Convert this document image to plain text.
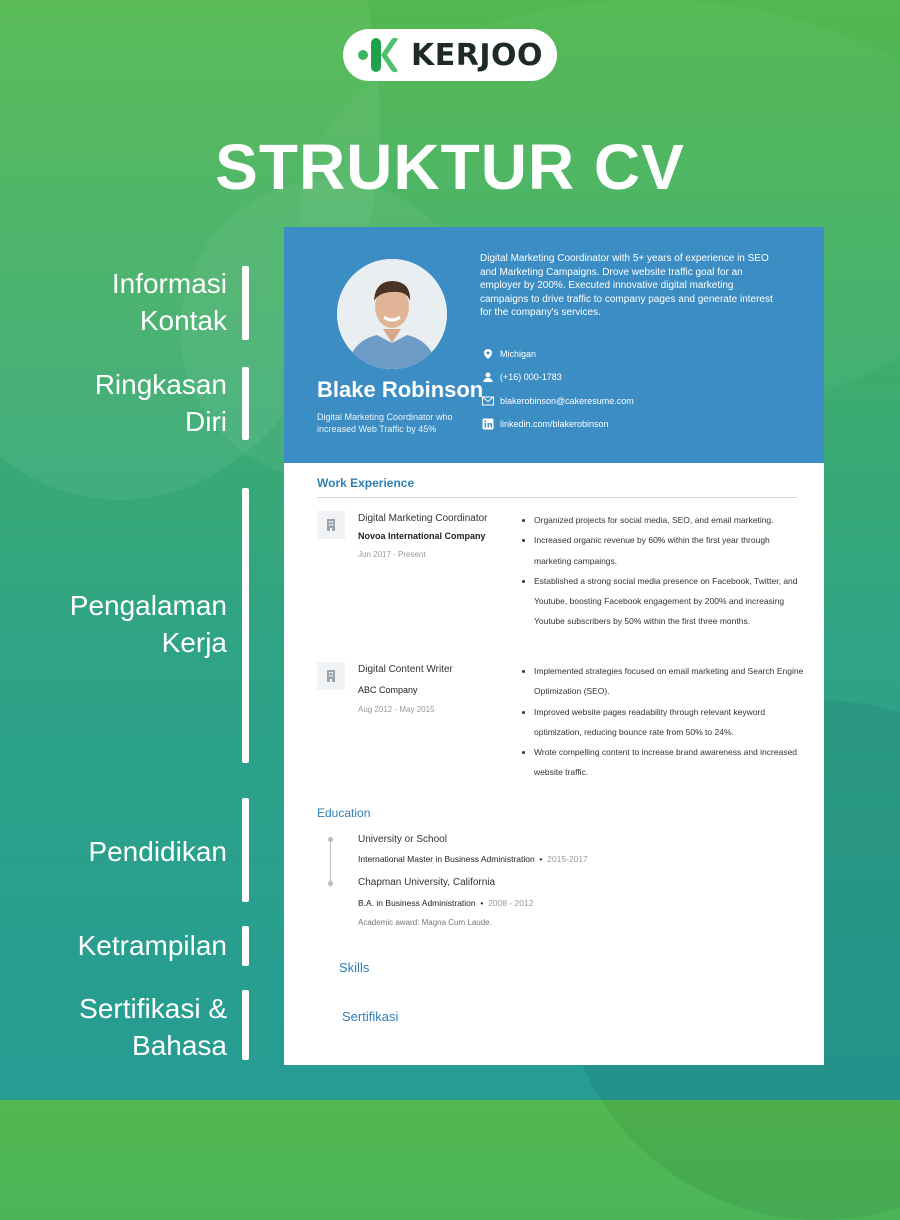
KERJOO
STRUKTUR CV
Informasi
Kontak
Ringkasan
Diri
Pengalaman
Kerja
Pendidikan
Ketrampilan
Sertifikasi &
Bahasa
Blake Robinson
Digital Marketing Coordinator who increased Web Traffic by 45%
Digital Marketing Coordinator with 5+ years of experience in SEO and Marketing Campaigns. Drove website traffic goal for an employer by 200%. Executed innovative digital marketing campaigns to drive traffic to company pages and generate interest for the company's services.
Michigan
(+16) 000-1783
blakerobinson@cakeresume.com
linkedin.com/blakerobinson
Work Experience
Digital Marketing Coordinator
Novoa International Company
Jun 2017 - Present
• Organized projects for social media, SEO, and email marketing.
• Increased organic revenue by 60% within the first year through marketing campaings.
• Established a strong social media presence on Facebook, Twitter, and Youtube, boosting Facebook engagement by 200% and increasing Youtube subscribers by 50% within the first three months.
Digital Content Writer
ABC Company
Aug 2012 - May 2015
• Implemented strategies focused on email marketing and Search Engine Optimization (SEO).
• Improved website pages readability through relevant keyword optimization, reducing bounce rate from 50% to 24%.
• Wrote compelling content to increase brand awareness and increased website traffic.
Education
University or School
International Master in Business Administration  •  2015-2017
Chapman University, California
B.A. in Business Administration  •  2008 - 2012
Academic award: Magna Cum Laude.
Skills
Sertifikasi
